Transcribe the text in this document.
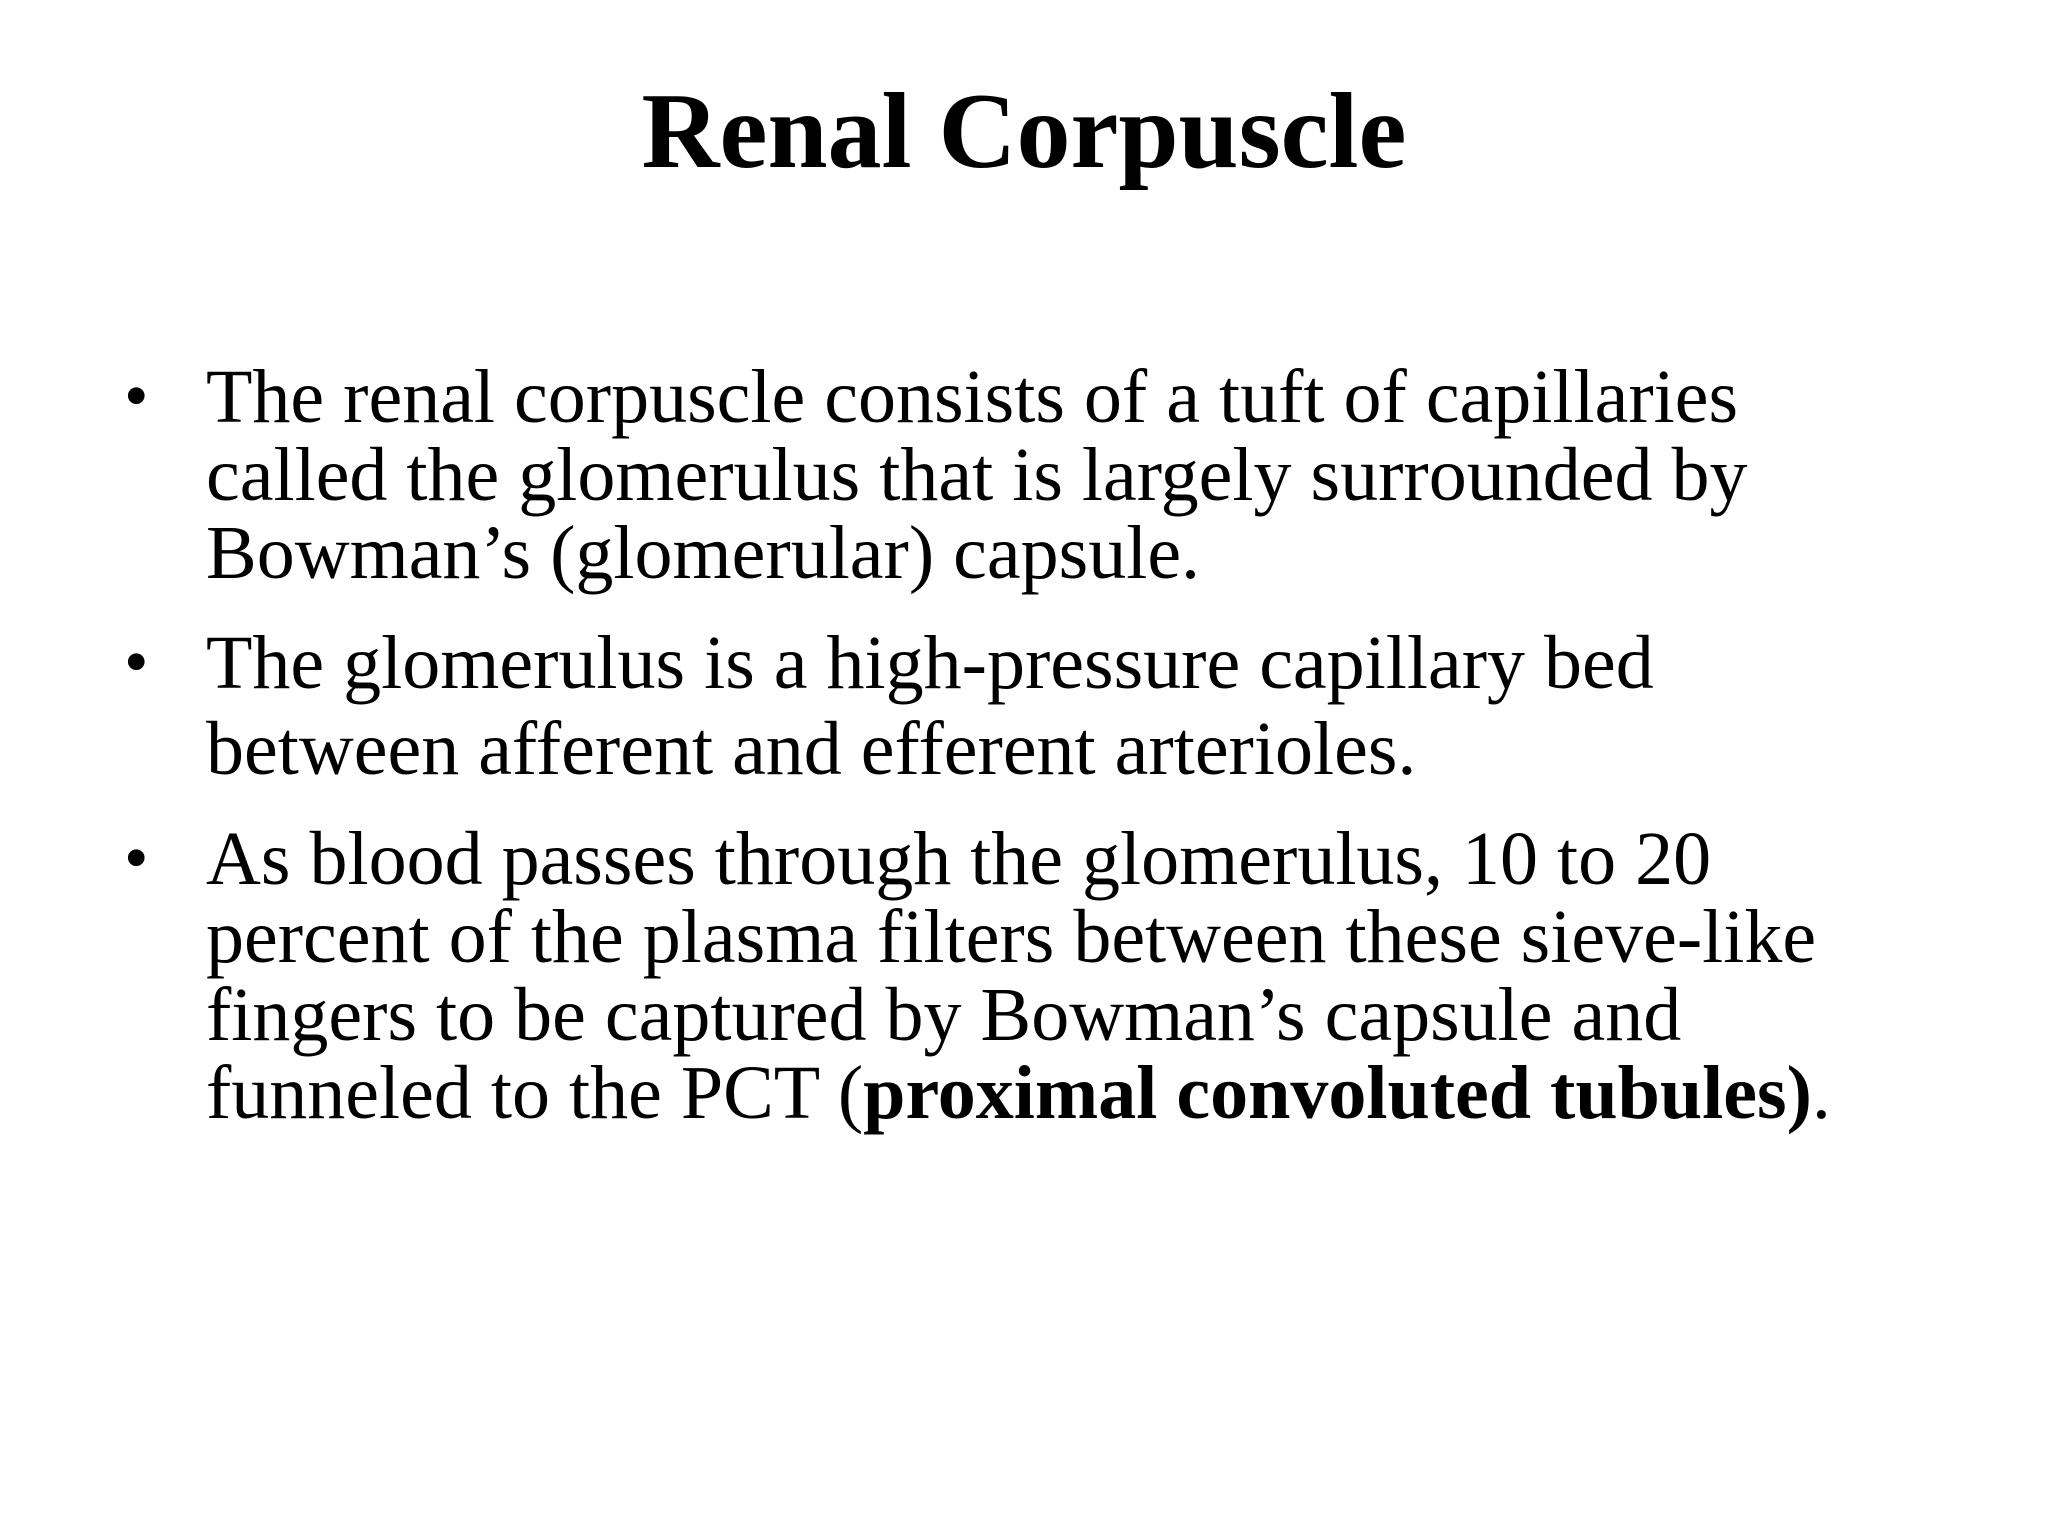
Renal Corpuscle
• The renal corpuscle consists of a tuft of capillaries called the glomerulus that is largely surrounded by Bowman’s (glomerular) capsule.
• The glomerulus is a high-pressure capillary bed between afferent and efferent arterioles.
• As blood passes through the glomerulus, 10 to 20 percent of the plasma filters between these sieve-like fingers to be captured by Bowman’s capsule and funneled to the PCT (proximal convoluted tubules).
